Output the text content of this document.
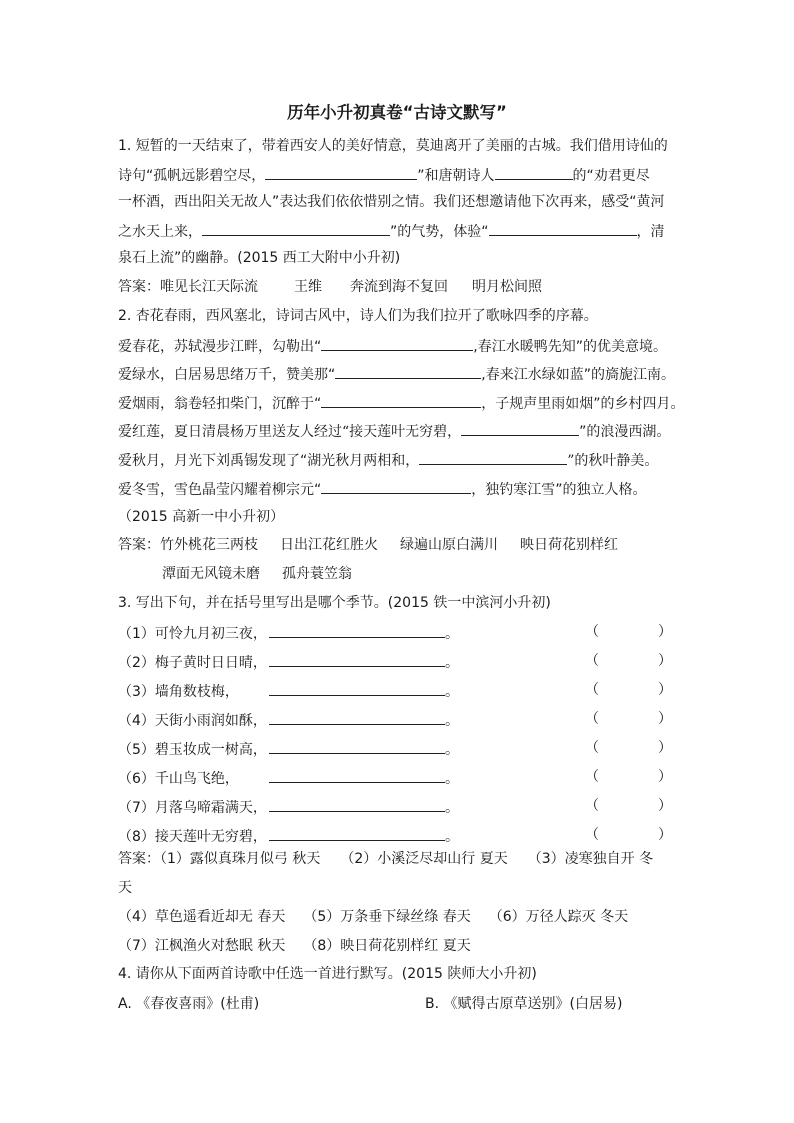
历年小升初真卷“古诗文默写”
1. 短暂的一天结束了，带着西安人的美好情意，莫迪离开了美丽的古城。我们借用诗仙的
诗句“孤帆远影碧空尽，	”和唐朝诗人	的“劝君更尽
一杯酒，西出阳关无故人”表达我们依依惜别之情。我们还想邀请他下次再来，感受“黄河
之水天上来，	”的气势，体验“	，清
泉石上流”的幽静。(2015 西工大附中小升初)
答案：唯见长江天际流	王维 奔流到海不复回 明月松间照
2. 杏花春雨，西风塞北，诗词古风中，诗人们为我们拉开了歌咏四季的序幕。
爱春花，苏轼漫步江畔，勾勒出“	,春江水暖鸭先知”的优美意境。
爱绿水，白居易思绪万千，赞美那“	,春来江水绿如蓝”的旖旎江南。
爱烟雨，翁卷轻扣柴门，沉醉于“	，子规声里雨如烟”的乡村四月。
爱红莲，夏日清晨杨万里送友人经过“接天莲叶无穷碧，	”的浪漫西湖。
爱秋月，月光下刘禹锡发现了“湖光秋月两相和，	”的秋叶静美。
爱冬雪，雪色晶莹闪耀着柳宗元“	，独钓寒江雪”的独立人格。
（2015 高新一中小升初）
答案：竹外桃花三两枝 日出江花红胜火 绿遍山原白满川 映日荷花别样红
潭面无风镜未磨 孤舟蓑笠翁
3. 写出下句，并在括号里写出是哪个季节。(2015 铁一中滨河小升初)
（1）可怜九月初三夜，	。	（	）
（2）梅子黄时日日晴，	。	（	）
（3）墙角数枝梅，	。	（	）
（4）天街小雨润如酥，	。	（	）
（5）碧玉妆成一树高，	。	（	）
（6）千山鸟飞绝，	。	（	）
（7）月落乌啼霜满天，	。	（	）
（8）接天莲叶无穷碧，	。	（	）
答案：（1）露似真珠月似弓 秋天 （2）小溪泛尽却山行 夏天 （3）凌寒独自开 冬
天
（4）草色遥看近却无 春天 （5）万条垂下绿丝绦 春天 （6）万径人踪灭 冬天
（7）江枫渔火对愁眠 秋天 （8）映日荷花别样红 夏天
4. 请你从下面两首诗歌中任选一首进行默写。(2015 陕师大小升初)
A. 《春夜喜雨》(杜甫)	B. 《赋得古原草送别》(白居易)
